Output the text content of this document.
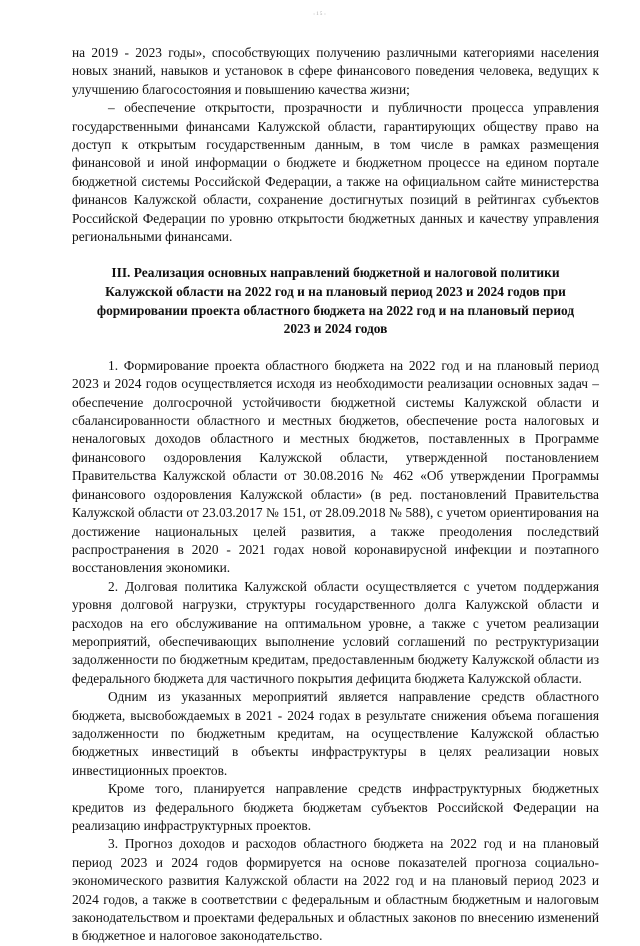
·¹⁵·

на 2019 - 2023 годы», способствующих получению различными категориями населения новых знаний, навыков и установок в сфере финансового поведения человека, ведущих к улучшению благосостояния и повышению качества жизни;

– обеспечение открытости, прозрачности и публичности процесса управления государственными финансами Калужской области, гарантирующих обществу право на доступ к открытым государственным данным, в том числе в рамках размещения финансовой и иной информации о бюджете и бюджетном процессе на едином портале бюджетной системы Российской Федерации, а также на официальном сайте министерства финансов Калужской области, сохранение достигнутых позиций в рейтингах субъектов Российской Федерации по уровню открытости бюджетных данных и качеству управления региональными финансами.

III. Реализация основных направлений бюджетной и налоговой политики
Калужской области на 2022 год и на плановый период 2023 и 2024 годов при
формировании проекта областного бюджета на 2022 год и на плановый период
2023 и 2024 годов

1. Формирование проекта областного бюджета на 2022 год и на плановый период 2023 и 2024 годов осуществляется исходя из необходимости реализации основных задач – обеспечение долгосрочной устойчивости бюджетной системы Калужской области и сбалансированности областного и местных бюджетов, обеспечение роста налоговых и неналоговых доходов областного и местных бюджетов, поставленных в Программе финансового оздоровления Калужской области, утвержденной постановлением Правительства Калужской области от 30.08.2016 № 462 «Об утверждении Программы финансового оздоровления Калужской области» (в ред. постановлений Правительства Калужской области от 23.03.2017 № 151, от 28.09.2018 № 588), с учетом ориентирования на достижение национальных целей развития, а также преодоления последствий распространения в 2020 - 2021 годах новой коронавирусной инфекции и поэтапного восстановления экономики.

2. Долговая политика Калужской области осуществляется с учетом поддержания уровня долговой нагрузки, структуры государственного долга Калужской области и расходов на его обслуживание на оптимальном уровне, а также с учетом реализации мероприятий, обеспечивающих выполнение условий соглашений по реструктуризации задолженности по бюджетным кредитам, предоставленным бюджету Калужской области из федерального бюджета для частичного покрытия дефицита бюджета Калужской области.

Одним из указанных мероприятий является направление средств областного бюджета, высвобождаемых в 2021 - 2024 годах в результате снижения объема погашения задолженности по бюджетным кредитам, на осуществление Калужской областью бюджетных инвестиций в объекты инфраструктуры в целях реализации новых инвестиционных проектов.

Кроме того, планируется направление средств инфраструктурных бюджетных кредитов из федерального бюджета бюджетам субъектов Российской Федерации на реализацию инфраструктурных проектов.

3. Прогноз доходов и расходов областного бюджета на 2022 год и на плановый период 2023 и 2024 годов формируется на основе показателей прогноза социально-экономического развития Калужской области на 2022 год и на плановый период 2023 и 2024 годов, а также в соответствии с федеральным и областным бюджетным и налоговым законодательством и проектами федеральных и областных законов по внесению изменений в бюджетное и налоговое законодательство.
